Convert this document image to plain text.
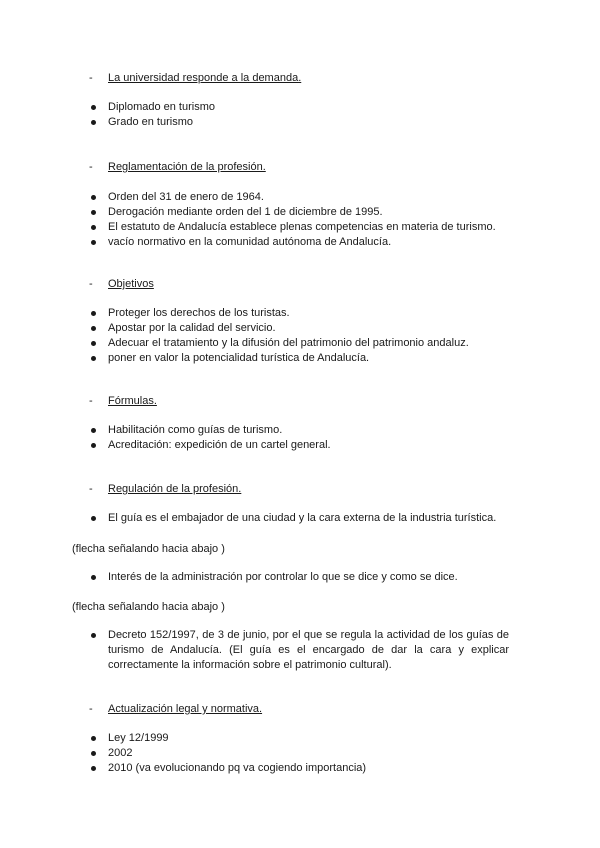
- La universidad responde a la demanda.
Diplomado en turismo
Grado en turismo
- Reglamentación de la profesión.
Orden del 31 de enero de 1964.
Derogación mediante orden del 1 de diciembre de 1995.
El estatuto de Andalucía establece plenas competencias en materia de turismo.
vacío normativo en la comunidad autónoma de Andalucía.
- Objetivos
Proteger los derechos de los turistas.
Apostar por la calidad del servicio.
Adecuar el tratamiento y la difusión del patrimonio del patrimonio andaluz.
poner en valor la potencialidad turística de Andalucía.
- Fórmulas.
Habilitación como guías de turismo.
Acreditación: expedición de un cartel general.
- Regulación de la profesión.
El guía es el embajador de una ciudad y la cara externa de la industria turística.
(flecha señalando hacia abajo )
Interés de la administración por controlar lo que se dice y como se dice.
(flecha señalando hacia abajo )
Decreto 152/1997, de 3 de junio, por el que se regula la actividad de los guías de turismo de Andalucía. (El guía es el encargado de dar la cara y explicar correctamente la información sobre el patrimonio cultural).
- Actualización legal y normativa.
Ley 12/1999
2002
2010 (va evolucionando pq va cogiendo importancia)
